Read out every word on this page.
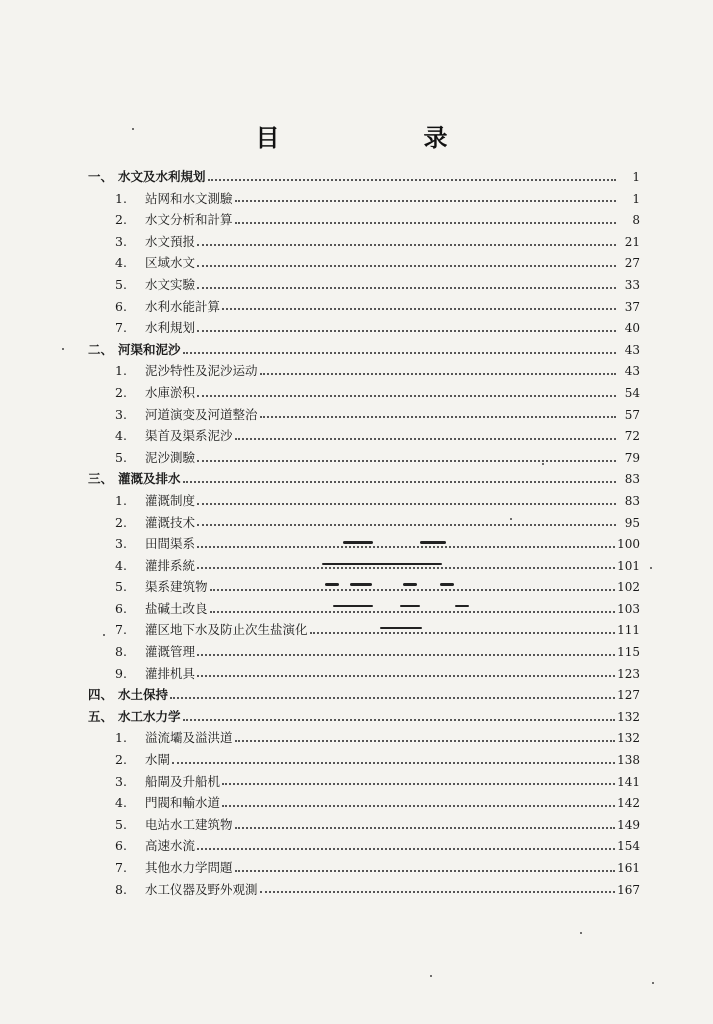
目　录
一、 水文及水利規划	1
1.	站网和水文測驗	1
2.	水文分析和計算	8
3.	水文預报	21
4.	区域水文	27
5.	水文实驗	33
6.	水利水能計算	37
7.	水利規划	40
二、 河渠和泥沙	43
1.	泥沙特性及泥沙运动	43
2.	水庫淤积	54
3.	河道演变及河道整治	57
4.	渠首及渠系泥沙	72
5.	泥沙測驗	79
三、 灌溉及排水	83
1.	灌溉制度	83
2.	灌溉技术	95
3.	田間渠系	100
4.	灌排系統	101
5.	渠系建筑物	102
6.	盐碱土改良	103
7.	灌区地下水及防止次生盐演化	111
8.	灌溉管理	115
9.	灌排机具	123
四、 水土保持	127
五、 水工水力学	132
1.	溢流壩及溢洪道	132
2.	水閘	138
3.	船閘及升船机	141
4.	門閥和輸水道	142
5.	电站水工建筑物	149
6.	高速水流	154
7.	其他水力学問題	161
8.	水工仪器及野外观測	167
